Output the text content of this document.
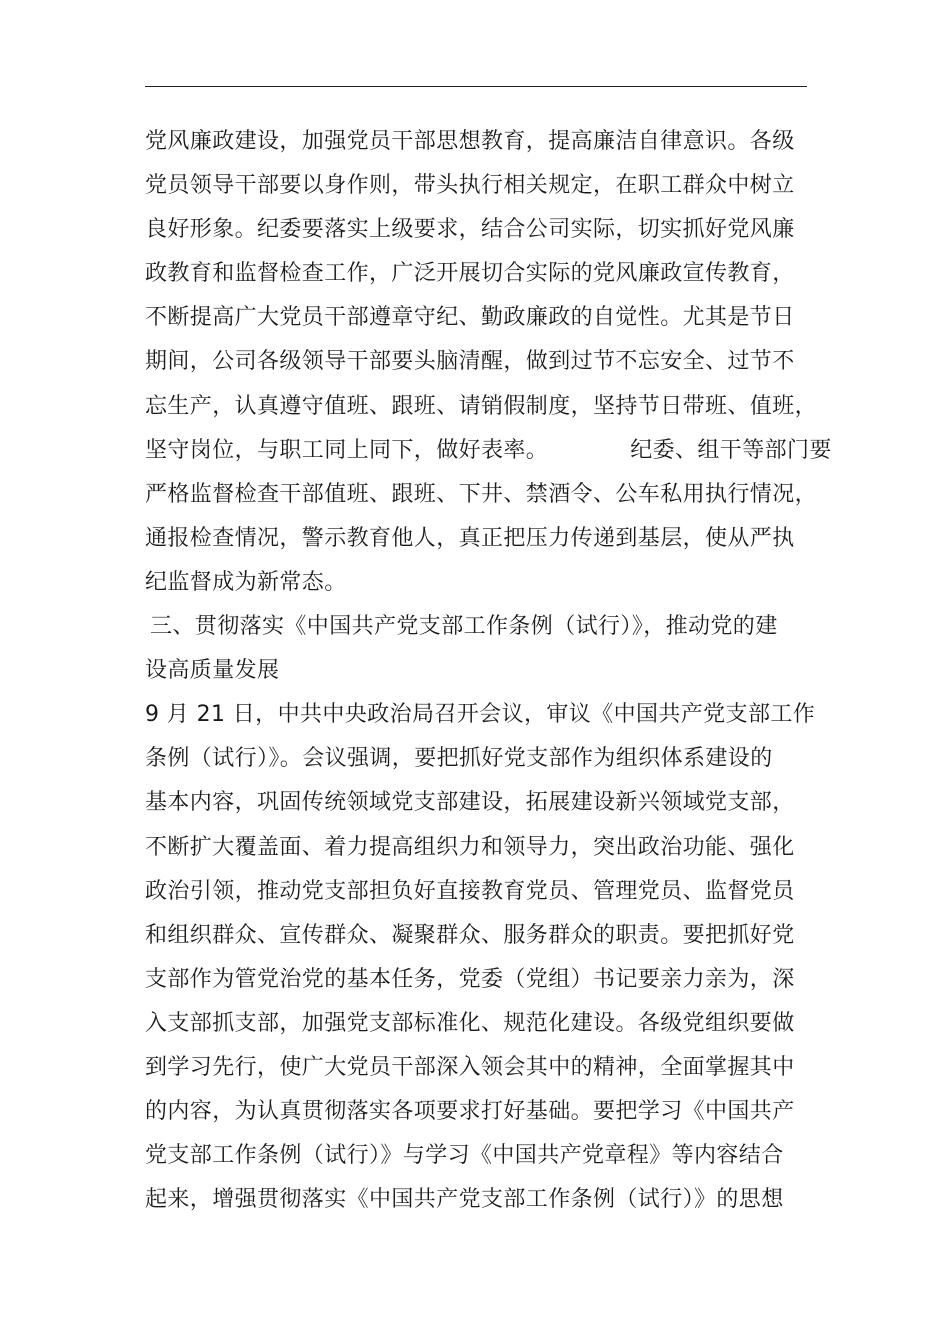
党风廉政建设，加强党员干部思想教育，提高廉洁自律意识。各级
党员领导干部要以身作则，带头执行相关规定，在职工群众中树立
良好形象。纪委要落实上级要求，结合公司实际，切实抓好党风廉
政教育和监督检查工作，广泛开展切合实际的党风廉政宣传教育，
不断提高广大党员干部遵章守纪、勤政廉政的自觉性。尤其是节日
期间，公司各级领导干部要头脑清醒，做到过节不忘安全、过节不
忘生产，认真遵守值班、跟班、请销假制度，坚持节日带班、值班，
坚守岗位，与职工同上同下，做好表率。	纪委、组干等部门要
严格监督检查干部值班、跟班、下井、禁酒令、公车私用执行情况，
通报检查情况，警示教育他人，真正把压力传递到基层，使从严执
纪监督成为新常态。
三、贯彻落实《中国共产党支部工作条例（试行）》，推动党的建
设高质量发展
9 月 21 日，中共中央政治局召开会议，审议《中国共产党支部工作
条例（试行）》。会议强调，要把抓好党支部作为组织体系建设的
基本内容，巩固传统领域党支部建设，拓展建设新兴领域党支部，
不断扩大覆盖面、着力提高组织力和领导力，突出政治功能、强化
政治引领，推动党支部担负好直接教育党员、管理党员、监督党员
和组织群众、宣传群众、凝聚群众、服务群众的职责。要把抓好党
支部作为管党治党的基本任务，党委（党组）书记要亲力亲为，深
入支部抓支部，加强党支部标准化、规范化建设。各级党组织要做
到学习先行，使广大党员干部深入领会其中的精神，全面掌握其中
的内容，为认真贯彻落实各项要求打好基础。要把学习《中国共产
党支部工作条例（试行）》与学习《中国共产党章程》等内容结合
起来，增强贯彻落实《中国共产党支部工作条例（试行）》的思想
